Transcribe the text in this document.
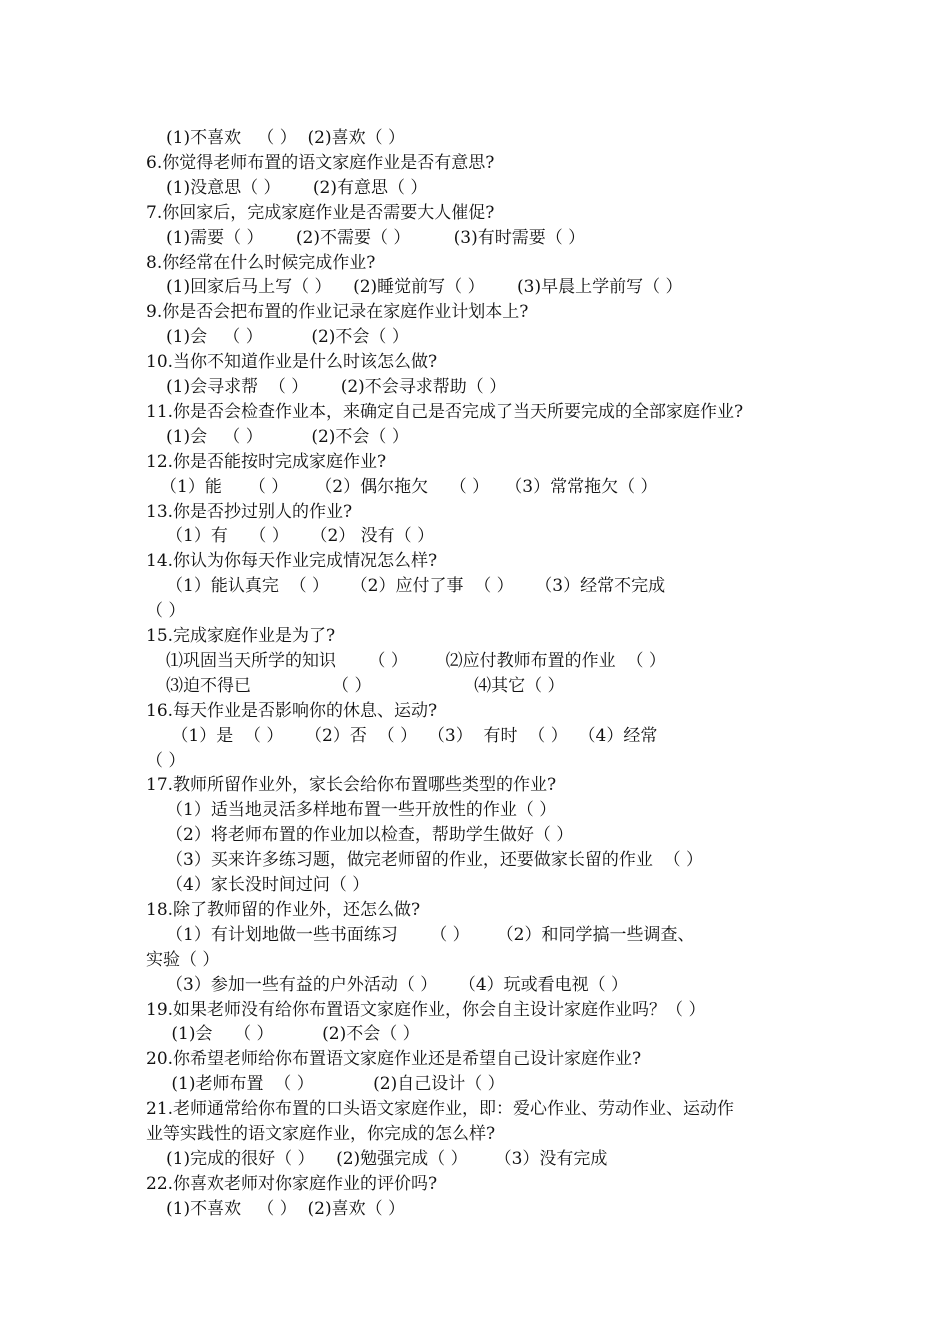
(1)不喜欢   （ ）  (2)喜欢（ ）
6.你觉得老师布置的语文家庭作业是否有意思?
(1)没意思（ ）      (2)有意思（ ）
7.你回家后，完成家庭作业是否需要大人催促?
(1)需要（ ）      (2)不需要（ ）        (3)有时需要（ ）
8.你经常在什么时候完成作业?
(1)回家后马上写（ ）    (2)睡觉前写（ ）      (3)早晨上学前写（ ）
9.你是否会把布置的作业记录在家庭作业计划本上?
(1)会   （ ）         (2)不会（ ）
10.当你不知道作业是什么时该怎么做?
(1)会寻求帮  （ ）      (2)不会寻求帮助（ ）
11.你是否会检查作业本，来确定自己是否完成了当天所要完成的全部家庭作业?
(1)会   （ ）         (2)不会（ ）
12.你是否能按时完成家庭作业?
（1）能     （ ）     （2）偶尔拖欠    （ ）   （3）常常拖欠（ ）
13.你是否抄过别人的作业?
（1）有    （ ）    （2） 没有（ ）
14.你认为你每天作业完成情况怎么样?
（1）能认真完  （ ）    （2）应付了事  （ ）    （3）经常不完成
（ ）
15.完成家庭作业是为了?
⑴巩固当天所学的知识      （ ）       ⑵应付教师布置的作业  （ ）
⑶迫不得已               （ ）                   ⑷其它（ ）
16.每天作业是否影响你的休息、运动?
（1）是  （ ）    （2）否  （ ）  （3）  有时  （ ）  （4）经常
（ ）
17.教师所留作业外，家长会给你布置哪些类型的作业?
（1）适当地灵活多样地布置一些开放性的作业（ ）
（2）将老师布置的作业加以检查，帮助学生做好（ ）
（3）买来许多练习题，做完老师留的作业，还要做家长留的作业  （ ）
（4）家长没时间过问（ ）
18.除了教师留的作业外，还怎么做?
（1）有计划地做一些书面练习      （ ）     （2）和同学搞一些调查、
实验（ ）
（3）参加一些有益的户外活动（ ）    （4）玩或看电视（ ）
19.如果老师没有给你布置语文家庭作业，你会自主设计家庭作业吗？（ ）
(1)会    （ ）         (2)不会（ ）
20.你希望老师给你布置语文家庭作业还是希望自己设计家庭作业?
(1)老师布置  （ ）           (2)自己设计（ ）
21.老师通常给你布置的口头语文家庭作业，即：爱心作业、劳动作业、运动作
业等实践性的语文家庭作业，你完成的怎么样?
(1)完成的很好（ ）    (2)勉强完成（ ）     （3）没有完成
22.你喜欢老师对你家庭作业的评价吗?
(1)不喜欢   （ ）  (2)喜欢（ ）
